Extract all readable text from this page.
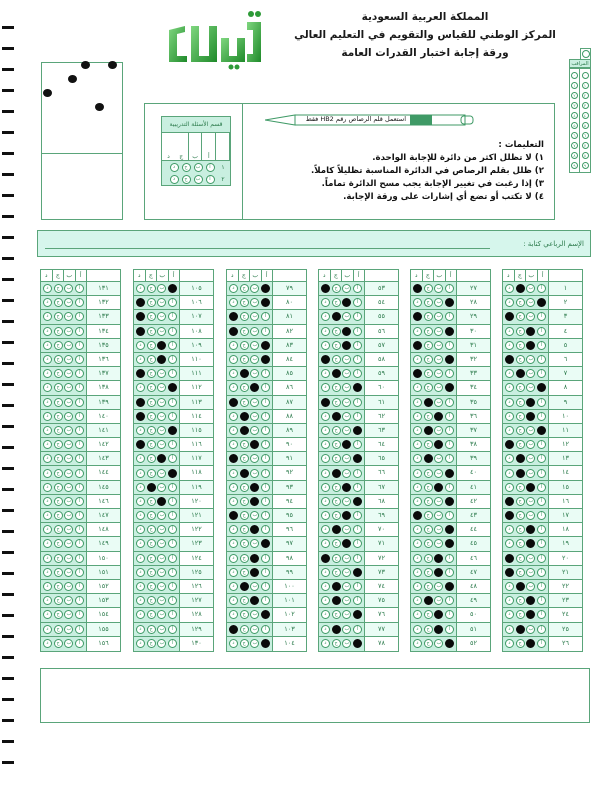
المملكة العربية السعودية
المركز الوطني للقياس والتقويم في التعليم العالي
ورقة إجابة اختبار القدرات العامة
المراقب
٠
١
٢
٣
٤
٥
٦
٧
٨
٩
٠
١
٢
٣
٤
٥
٦
٧
٨
٩
قسم الأسئلة التدريبية
أ
ب
ج
د
١
أ
ب
ج
د
٢
أ
ب
ج
د
استعمل قلم الرصاص رقم HB2 فقط
التعليمات :
١) لا تظلل اكثر من دائرة للإجابة الواحدة.
٢) ظلل بقلم الرصاص في الدائرة المناسبة تظليلاً كاملاً.
٣) إذا رغبت في تغيير الإجابة يجب مسح الدائرة تماماً.
٤) لا تكتب أو تضع أي إشارات على ورقة الإجابة.
الإسم الرباعي كتابة :
د	ج	ب	أ
د	ب	أ	١
د	ج	ب	٢
ج	ب	أ	٣
د	ج	أ	٤
د	ج	أ	٥
ج	ب	أ	٦
د	ب	أ	٧
د	ج	ب	٨
د	ج	أ	٩
د	ج	أ	١٠
د	ج	ب	١١
ج	ب	أ	١٢
د	ب	أ	١٣
د	ب	أ	١٤
د	ج	أ	١٥
ج	ب	أ	١٦
ج	ب	أ	١٧
د	ج	أ	١٨
د	ج	أ	١٩
ج	ب	أ	٢٠
ج	ب	أ	٢١
د	ب	أ	٢٢
د	ج	أ	٢٣
د	ج	أ	٢٤
د	ب	أ	٢٥
د	ج	أ	٢٦
د	ج	ب	أ
ج	ب	أ	٢٧
د	ج	ب	٢٨
ج	ب	أ	٢٩
د	ج	ب	٣٠
ج	ب	أ	٣١
د	ج	ب	٣٢
ج	ب	أ	٣٣
د	ج	ب	٣٤
د	ب	أ	٣٥
د	ج	أ	٣٦
د	ب	أ	٣٧
د	ج	أ	٣٨
د	ب	أ	٣٩
د	ج	ب	٤٠
د	ج	أ	٤١
د	ج	ب	٤٢
ج	ب	أ	٤٣
د	ج	ب	٤٤
د	ج	ب	٤٥
د	ج	أ	٤٦
د	ج	أ	٤٧
د	ج	ب	٤٨
د	ب	أ	٤٩
د	ج	أ	٥٠
د	ج	أ	٥١
د	ج	ب	٥٢
د	ج	ب	أ
ج	ب	أ	٥٣
د	ج	أ	٥٤
د	ب	أ	٥٥
د	ج	أ	٥٦
د	ج	أ	٥٧
ج	ب	أ	٥٨
د	ب	أ	٥٩
د	ج	ب	٦٠
ج	ب	أ	٦١
د	ب	أ	٦٢
د	ج	ب	٦٣
د	ج	أ	٦٤
د	ج	ب	٦٥
د	ب	أ	٦٦
د	ج	أ	٦٧
د	ج	ب	٦٨
د	ج	أ	٦٩
د	ب	أ	٧٠
د	ج	أ	٧١
ج	ب	أ	٧٢
د	ج	ب	٧٣
د	ب	أ	٧٤
د	ب	أ	٧٥
د	ج	ب	٧٦
د	ب	أ	٧٧
د	ج	ب	٧٨
د	ج	ب	أ
د	ج	ب	٧٩
د	ج	ب	٨٠
ج	ب	أ	٨١
ج	ب	أ	٨٢
د	ج	ب	٨٣
د	ج	ب	٨٤
د	ب	أ	٨٥
د	ج	أ	٨٦
ج	ب	أ	٨٧
د	ب	أ	٨٨
د	ب	أ	٨٩
د	ج	أ	٩٠
ج	ب	أ	٩١
د	ب	أ	٩٢
د	ج	أ	٩٣
د	ج	أ	٩٤
ج	ب	أ	٩٥
د	ج	أ	٩٦
د	ج	ب	٩٧
د	ج	أ	٩٨
د	ج	أ	٩٩
د	ب	أ	١٠٠
د	ج	أ	١٠١
د	ج	ب	١٠٢
ج	ب	أ	١٠٣
د	ج	ب	١٠٤
د	ج	ب	أ
د	ج	ب	١٠٥
ج	ب	أ	١٠٦
ج	ب	أ	١٠٧
ج	ب	أ	١٠٨
د	ج	أ	١٠٩
د	ج	أ	١١٠
ج	ب	أ	١١١
د	ج	ب	١١٢
ج	ب	أ	١١٣
ج	ب	أ	١١٤
د	ج	ب	١١٥
ج	ب	أ	١١٦
د	ج	أ	١١٧
د	ج	ب	١١٨
د	ب	أ	١١٩
د	ج	أ	١٢٠
د	ج	ب	أ	١٢١
د	ج	ب	أ	١٢٢
د	ج	ب	أ	١٢٣
د	ج	ب	أ	١٢٤
د	ج	ب	أ	١٢٥
د	ج	ب	أ	١٢٦
د	ج	ب	أ	١٢٧
د	ج	ب	أ	١٢٨
د	ج	ب	أ	١٢٩
د	ج	ب	أ	١٣٠
د	ج	ب	أ
د	ج	ب	أ	١٣١
د	ج	ب	أ	١٣٢
د	ج	ب	أ	١٣٣
د	ج	ب	أ	١٣٤
د	ج	ب	أ	١٣٥
د	ج	ب	أ	١٣٦
د	ج	ب	أ	١٣٧
د	ج	ب	أ	١٣٨
د	ج	ب	أ	١٣٩
د	ج	ب	أ	١٤٠
د	ج	ب	أ	١٤١
د	ج	ب	أ	١٤٢
د	ج	ب	أ	١٤٣
د	ج	ب	أ	١٤٤
د	ج	ب	أ	١٤٥
د	ج	ب	أ	١٤٦
د	ج	ب	أ	١٤٧
د	ج	ب	أ	١٤٨
د	ج	ب	أ	١٤٩
د	ج	ب	أ	١٥٠
د	ج	ب	أ	١٥١
د	ج	ب	أ	١٥٢
د	ج	ب	أ	١٥٣
د	ج	ب	أ	١٥٤
د	ج	ب	أ	١٥٥
د	ج	ب	أ	١٥٦
